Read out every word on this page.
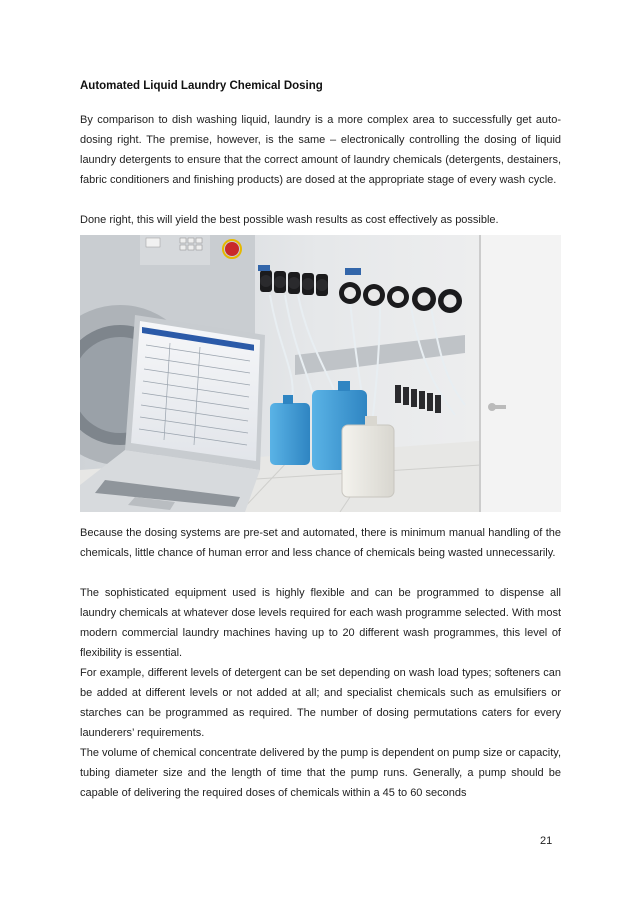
Automated Liquid Laundry Chemical Dosing

By comparison to dish washing liquid, laundry is a more complex area to successfully get auto-dosing right. The premise, however, is the same – electronically controlling the dosing of liquid laundry detergents to ensure that the correct amount of laundry chemicals (detergents, destainers, fabric conditioners and finishing products) are dosed at the appropriate stage of every wash cycle.

Done right, this will yield the best possible wash results as cost effectively as possible.

Because the dosing systems are pre-set and automated, there is minimum manual handling of the chemicals, little chance of human error and less chance of chemicals being wasted unnecessarily.

The sophisticated equipment used is highly flexible and can be programmed to dispense all laundry chemicals at whatever dose levels required for each wash programme selected. With most modern commercial laundry machines having up to 20 different wash programmes, this level of flexibility is essential.

For example, different levels of detergent can be set depending on wash load types; softeners can be added at different levels or not added at all; and specialist chemicals such as emulsifiers or starches can be programmed as required. The number of dosing permutations caters for every launderers’ requirements.

The volume of chemical concentrate delivered by the pump is dependent on pump size or capacity, tubing diameter size and the length of time that the pump runs. Generally, a pump should be capable of delivering the required doses of chemicals within a 45 to 60 seconds

21
